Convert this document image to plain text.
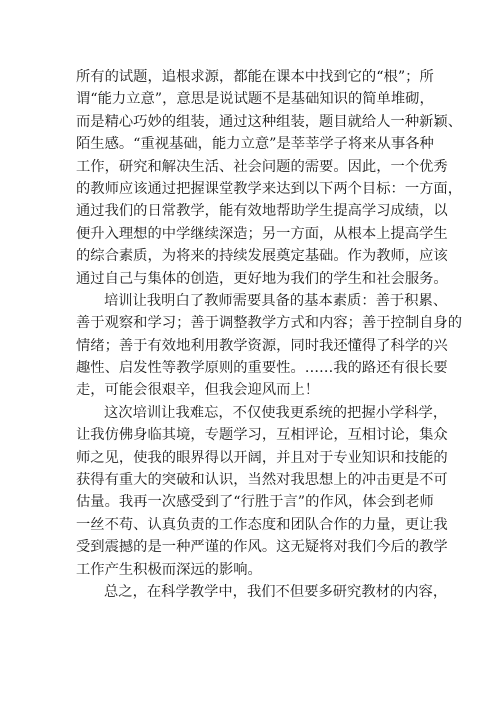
所有的试题，追根求源，都能在课本中找到它的“根”；所
谓“能力立意”，意思是说试题不是基础知识的简单堆砌，
而是精心巧妙的组装，通过这种组装，题目就给人一种新颖、
陌生感。“重视基础，能力立意”是莘莘学子将来从事各种
工作，研究和解决生活、社会问题的需要。因此，一个优秀
的教师应该通过把握课堂教学来达到以下两个目标：一方面，
通过我们的日常教学，能有效地帮助学生提高学习成绩，以
便升入理想的中学继续深造；另一方面，从根本上提高学生
的综合素质，为将来的持续发展奠定基础。作为教师，应该
通过自己与集体的创造，更好地为我们的学生和社会服务。
培训让我明白了教师需要具备的基本素质：善于积累、
善于观察和学习；善于调整教学方式和内容；善于控制自身的
情绪；善于有效地利用教学资源，同时我还懂得了科学的兴
趣性、启发性等教学原则的重要性。……我的路还有很长要
走，可能会很艰辛，但我会迎风而上！
这次培训让我难忘，不仅使我更系统的把握小学科学，
让我仿佛身临其境，专题学习，互相评论，互相讨论，集众
师之见，使我的眼界得以开阔，并且对于专业知识和技能的
获得有重大的突破和认识，当然对我思想上的冲击更是不可
估量。我再一次感受到了“行胜于言”的作风，体会到老师
一丝不苟、认真负责的工作态度和团队合作的力量，更让我
受到震撼的是一种严谨的作风。这无疑将对我们今后的教学
工作产生积极而深远的影响。
总之，在科学教学中，我们不但要多研究教材的内容，
